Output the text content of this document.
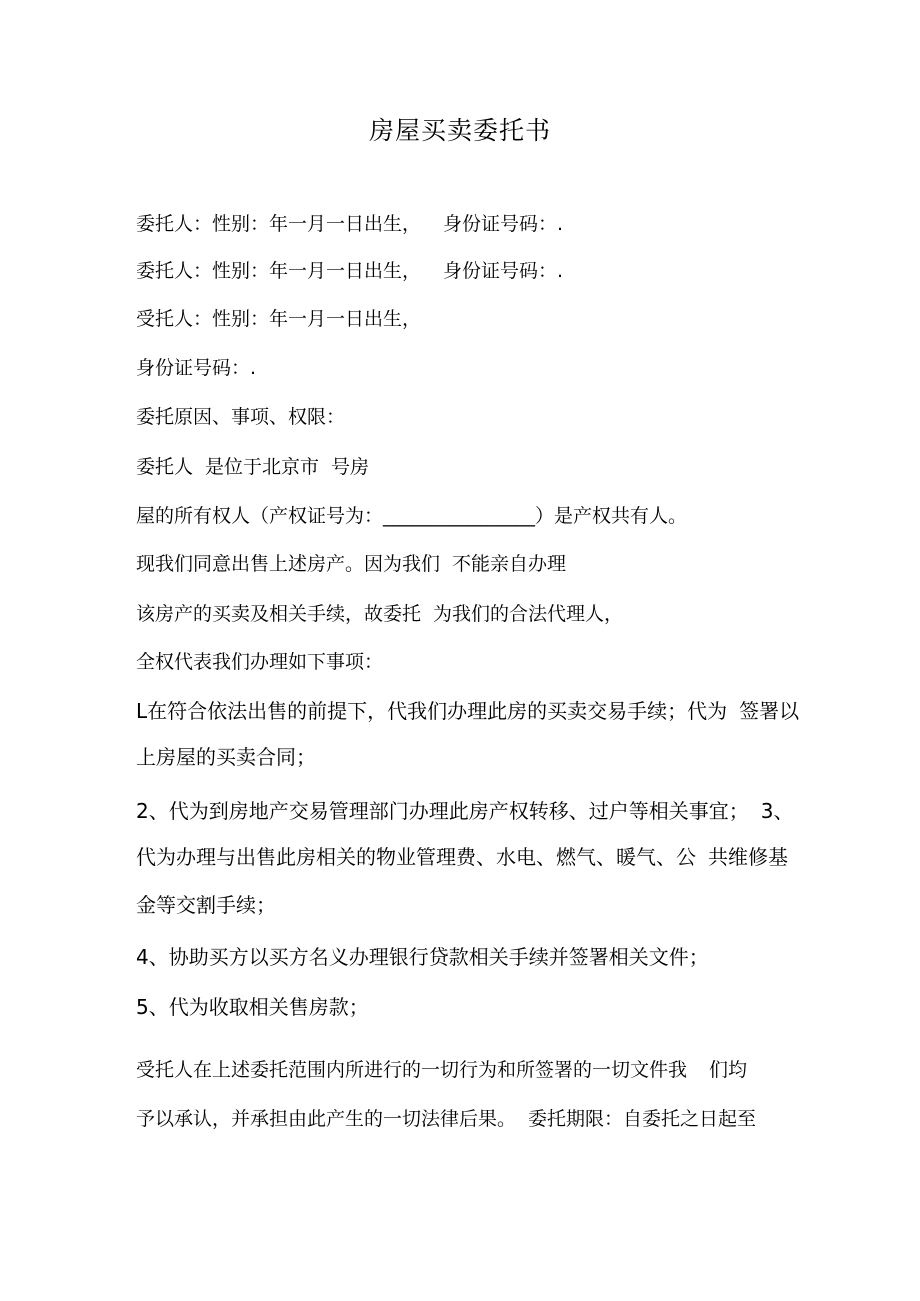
房屋买卖委托书
委托人：性别：年一月一日出生， 身份证号码：.
委托人：性别：年一月一日出生， 身份证号码：.
受托人：性别：年一月一日出生，
身份证号码：.
委托原因、事项、权限：
委托人 是位于北京市 号房
屋的所有权人（产权证号为：________________）是产权共有人。
现我们同意出售上述房产。因为我们 不能亲自办理
该房产的买卖及相关手续，故委托 为我们的合法代理人，
全权代表我们办理如下事项：
L在符合依法出售的前提下，代我们办理此房的买卖交易手续；代为 签署以
上房屋的买卖合同；
2、代为到房地产交易管理部门办理此房产权转移、过户等相关事宜； 3、
代为办理与出售此房相关的物业管理费、水电、燃气、暖气、公 共维修基
金等交割手续；
4、协助买方以买方名义办理银行贷款相关手续并签署相关文件；
5、代为收取相关售房款；
受托人在上述委托范围内所进行的一切行为和所签署的一切文件我 们均
予以承认，并承担由此产生的一切法律后果。 委托期限：自委托之日起至
